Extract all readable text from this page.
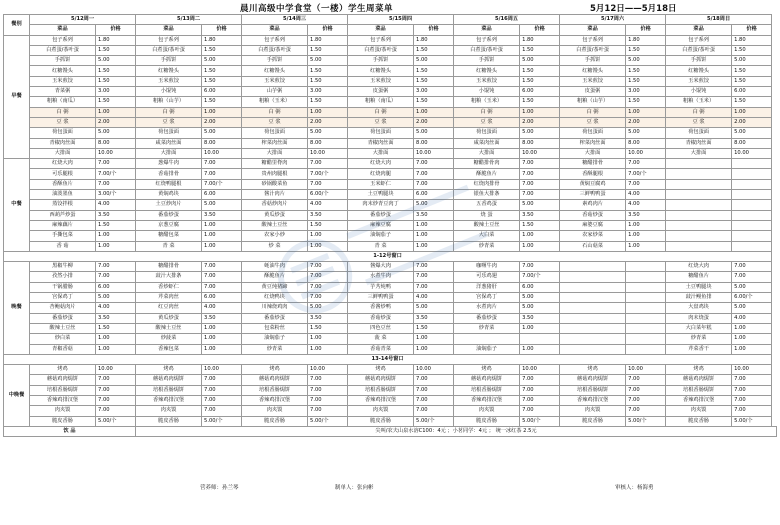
晨川高级中学食堂（一楼）学生周菜单	5月12日——5月18日
餐别	5/12周一		5/13周二		5/14周三		5/15周四		5/16周五		5/17周六		5/18周日	
	菜品	价格	菜品	价格	菜品	价格	菜品	价格	菜品	价格	菜品	价格	菜品	价格
早餐	包子系列	1.80	包子系列	1.80	包子系列	1.80	包子系列	1.80	包子系列	1.80	包子系列	1.80	包子系列	1.80
	白煮蛋/茶叶蛋	1.50	白煮蛋/茶叶蛋	1.50	白煮蛋/茶叶蛋	1.50	白煮蛋/茶叶蛋	1.50	白煮蛋/茶叶蛋	1.50	白煮蛋/茶叶蛋	1.50	白煮蛋/茶叶蛋	1.50
	手抓饼	5.00	手抓饼	5.00	手抓饼	5.00	手抓饼	5.00	手抓饼	5.00	手抓饼	5.00	手抓饼	5.00
	红糖馒头	1.50	红糖馒头	1.50	红糖馒头	1.50	红糖馒头	1.50	红糖馒头	1.50	红糖馒头	1.50	红糖馒头	1.50
	玉米煎饺	1.50	玉米煎饺	1.50	玉米煎饺	1.50	玉米煎饺	1.50	玉米煎饺	1.50	玉米煎饺	1.50	玉米煎饺	1.50
	青菜粥	3.00	小馄饨	6.00	山芋粥	3.00	皮蛋粥	3.00	小馄饨	6.00	皮蛋粥	3.00	小馄饨	6.00
	粗粮（南瓜）	1.50	粗粮（山芋）	1.50	粗粮（玉米）	1.50	粗粮（南瓜）	1.50	粗粮（玉米）	1.50	粗粮（山芋）	1.50	粗粮（玉米）	1.50
	白 粥	1.00	白 粥	1.00	白 粥	1.00	白 粥	1.00	白 粥	1.00	白 粥	1.00	白 粥	1.00
	豆 浆	2.00	豆 浆	2.00	豆 浆	2.00	豆 浆	2.00	豆 浆	2.00	豆 浆	2.00	豆 浆	2.00
	荷包蛋面	5.00	荷包蛋面	5.00	荷包蛋面	5.00	荷包蛋面	5.00	荷包蛋面	5.00	荷包蛋面	5.00	荷包蛋面	5.00
	青椒肉丝面	8.00	咸菜肉丝面	8.00	榨菜肉丝面	8.00	青椒肉丝面	8.00	咸菜肉丝面	8.00	榨菜肉丝面	8.00	青椒肉丝面	8.00
	大排面	10.00	大排面	10.00	大排面	10.00	大排面	10.00	大排面	10.00	大排面	10.00	大排面	10.00
中餐	红烧大肉	7.00	葱爆牛肉	7.00	糖醋里脊肉	7.00	红烧大肉	7.00	糖醋排骨肉	7.00	糖醋排骨	7.00		
	可乐腿根	7.00/个	香菇排骨	7.00	贵州肉腿根	7.00/个	红烧肉腿	7.00	酥脆鱼片	7.00	香酥腿根	7.00/个		
	香酥鱼片	7.00	红烧鸭腿根	7.00/个	砂锅酸菜鱼	7.00	玉米虾仁	7.00	红烧肉排骨	7.00	黄焖豆腐鸡	7.00		
	油泼墨鱼	3.00/个	黄焖鸡块	6.00	酱汁肉片	6.00/个	土豆鸭腿块	6.00	银鱼大排条	7.00	三鲜鸭鸭蛋	4.00		
	蒸饺拌根	4.00	土豆炒肉片	5.00	香菇炒肉片	4.00	肉末炒青豆肉丁	5.00	五香鸡蛋	5.00	素鸡肉片	4.00		
	西葫芦炒蛋	3.50	番茄炒蛋	3.50	黄瓜炒蛋	3.50	番茄炒蛋	3.50	烧 蛋	3.50	香菇炒蛋	3.50		
	麻辣藕片	1.50	京葱豆腐	1.00	酸辣土豆丝	1.50	麻辣豆腐	1.00	酸辣土豆丝	1.50	麻婆豆腐	1.00		
	手撕包菜	1.00	糖醋包菜	1.00	农家小炒	1.00	油焖茄子	1.00	大白菜	1.00	农家炒菜	1.00		
	香 菇	1.00	青 菜	1.00	炒 菜	1.00	青 菜	1.00	炒青菜	1.00	石山菇菜	1.00		
1-12号窗口														
晚餐	黑椒牛柳	7.00	糖醋排骨	7.00	蚝油牛肉	7.00	酱爆大肉	7.00	咖喱牛肉	7.00			红烧大肉	7.00
	孜然小排	7.00	豉汁大排条	7.00	酥脆鱼片	7.00	水煮牛肉	7.00	可乐鸡翅	7.00/个			糖醋鱼片	7.00
	干锅腊肠	6.00	香炒虾仁	7.00	黄豆炖猪蹄	7.00	芋艿炖鸭	7.00	洋葱猪肝	6.00			土豆鸭腿块	5.00
	宫保鸡丁	5.00	芹菜肉丝	6.00	红烧鸭块	7.00	三鲜鸭鸭蛋	4.00	宫保鸡丁	5.00			豉汁鳗鱼排	6.00/个
	杏鲍菇肉片	4.00	红豆肉丝	4.00	川辣烧鸡肉	5.00	香酱炒鸭	5.00	水煮肉片	5.00			大盘鸡块	5.00
	番茄炒蛋	3.50	黄瓜炒蛋	3.50	番茄炒蛋	3.50	香菇炒蛋	3.50	番茄炒蛋	3.50			肉末烧蛋	4.00
	酸辣土豆丝	1.50	酸辣土豆丝	1.00	包菜粉丝	1.50	四色豆丝	1.50	炒青菜	1.00			大白菜年糕	1.00
	炒白菜	1.00	炒菠菜	1.00	油焖茄子	1.00	菠 菜	1.00					炒青菜	1.00
	青椒香菇	1.00	香辣包菜	1.00	炒青菜	1.00	香菇青菜	1.00	油焖茄子	1.00			芹菜香干	1.00
13-14号窗口														
中晚餐	烤鸡	10.00	烤鸡	10.00	烤鸡	10.00	烤鸡	10.00	烤鸡	10.00	烤鸡	10.00	烤鸡	10.00
	蘑菇鸡肉焗饼	7.00	蘑菇鸡肉焗饼	7.00	蘑菇鸡肉焗饼	7.00	蘑菇鸡肉焗饼	7.00	蘑菇鸡肉焗饼	7.00	蘑菇鸡肉焗饼	7.00	蘑菇鸡肉焗饼	7.00
	培根香肠焗饼	7.00	培根香肠焗饼	7.00	培根香肠焗饼	7.00	培根香肠焗饼	7.00	培根香肠焗饼	7.00	培根香肠焗饼	7.00	培根香肠焗饼	7.00
	香辣鸡排汉堡	7.00	香辣鸡排汉堡	7.00	香辣鸡排汉堡	7.00	香辣鸡排汉堡	7.00	香辣鸡排汉堡	7.00	香辣鸡排汉堡	7.00	香辣鸡排汉堡	7.00
	肉夹馍	7.00	肉夹馍	7.00	肉夹馍	7.00	肉夹馍	7.00	肉夹馍	7.00	肉夹馍	7.00	肉夹馍	7.00
	脆皮香肠	5.00/个	脆皮香肠	5.00/个	脆皮香肠	5.00/个	脆皮香肠	5.00/个	脆皮香肠	5.00/个	脆皮香肠	5.00/个	脆皮香肠	5.00/个
饮 品			尖叫/农夫山泉水溶C100：4元 ；小茗同学：4元 ； 统一冰红茶 2.5元											
营养师：孙兰琴	制单人：张向彬	审核人：杨海勇
